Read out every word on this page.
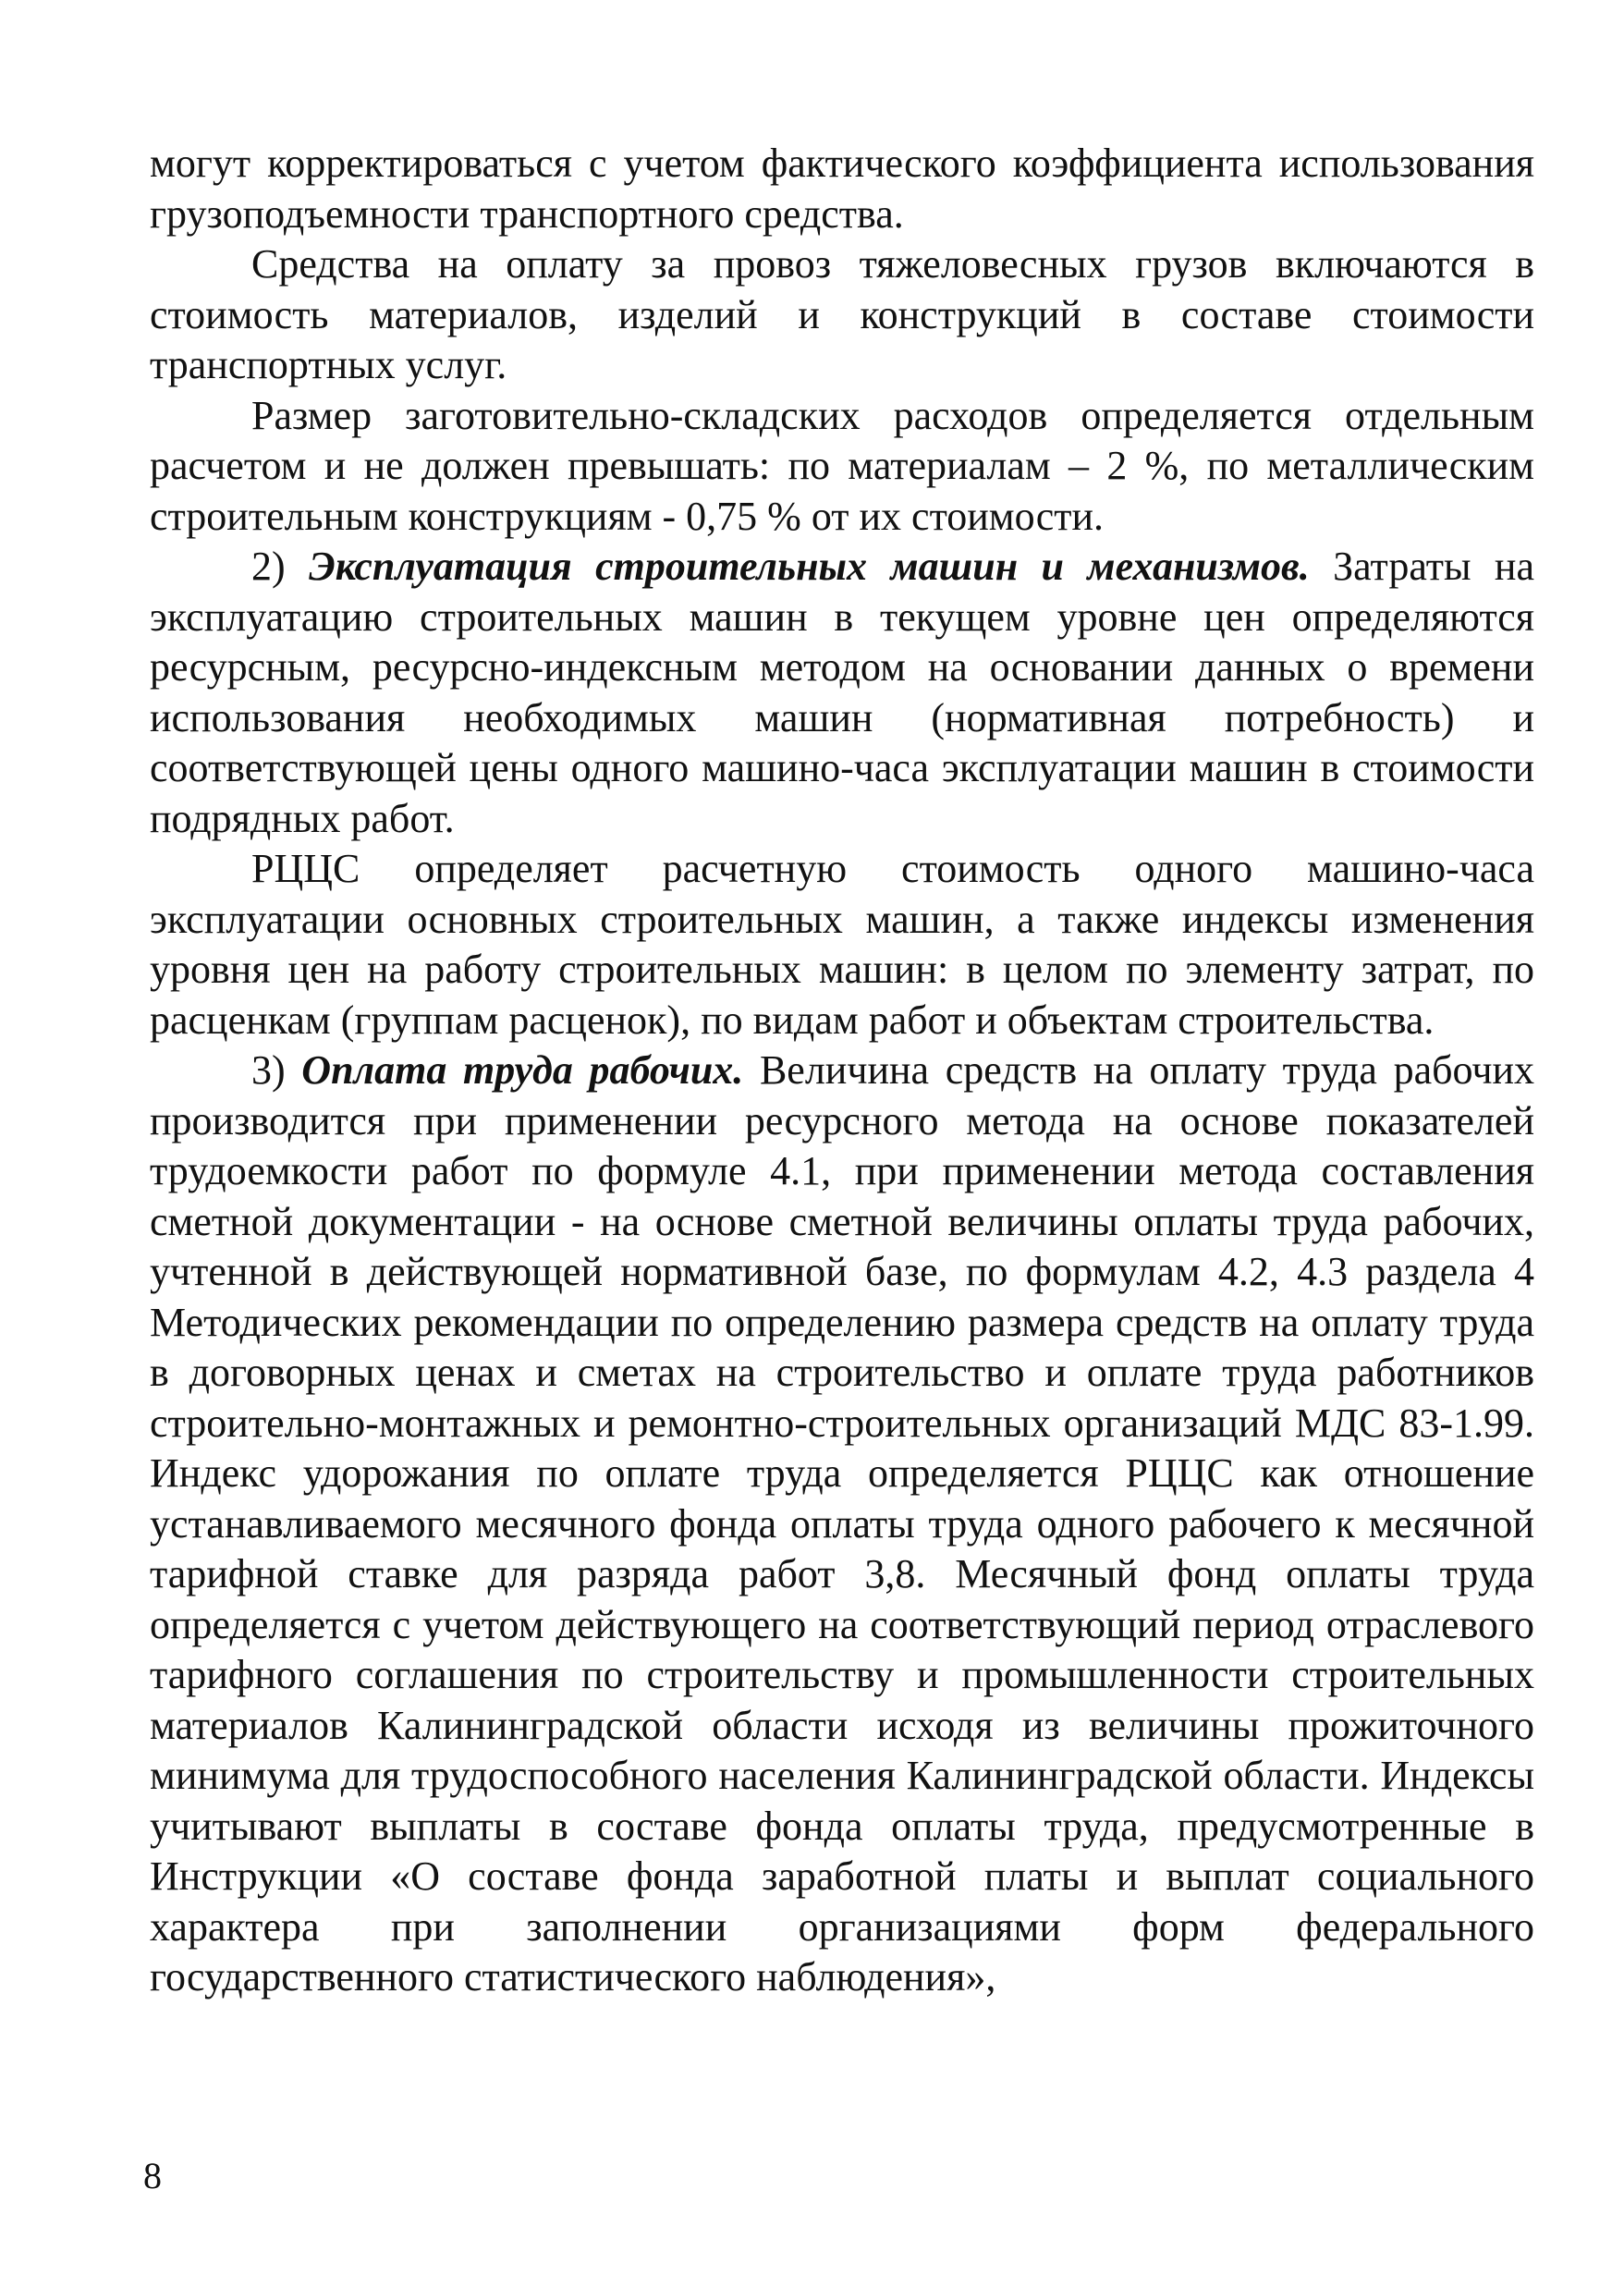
могут корректироваться с учетом фактического коэффициента использования грузоподъемности транспортного средства.

Средства на оплату за провоз тяжеловесных грузов включаются в стоимость материалов, изделий и конструкций в составе стоимости транспортных услуг.

Размер заготовительно-складских расходов определяется отдельным расчетом и не должен превышать: по материалам – 2 %, по металлическим строительным конструкциям - 0,75 % от их стоимости.

2) Эксплуатация строительных машин и механизмов. Затраты на эксплуатацию строительных машин в текущем уровне цен определяются ресурсным, ресурсно-индексным методом на основании данных о времени использования необходимых машин (нормативная потребность) и соответствующей цены одного машино-часа эксплуатации машин в стоимости подрядных работ.

РЦЦС определяет расчетную стоимость одного машино-часа эксплуатации основных строительных машин, а также индексы изменения уровня цен на работу строительных машин: в целом по элементу затрат, по расценкам (группам расценок), по видам работ и объектам строительства.

3) Оплата труда рабочих. Величина средств на оплату труда рабочих производится при применении ресурсного метода на основе показателей трудоемкости работ по формуле 4.1, при применении метода составления сметной документации - на основе сметной величины оплаты труда рабочих, учтенной в действующей нормативной базе, по формулам 4.2, 4.3 раздела 4 Методических рекомендации по определению размера средств на оплату труда в договорных ценах и сметах на строительство и оплате труда работников строительно-монтажных и ремонтно-строительных организаций МДС 83-1.99. Индекс удорожания по оплате труда определяется РЦЦС как отношение устанавливаемого месячного фонда оплаты труда одного рабочего к месячной тарифной ставке для разряда работ 3,8. Месячный фонд оплаты труда определяется с учетом действующего на соответствующий период отраслевого тарифного соглашения по строительству и промышленности строительных материалов Калининградской области исходя из величины прожиточного минимума для трудоспособного населения Калининградской области. Индексы учитывают выплаты в составе фонда оплаты труда, предусмотренные в Инструкции «О составе фонда заработной платы и выплат социального характера при заполнении организациями форм федерального государственного статистического наблюдения»,

8
